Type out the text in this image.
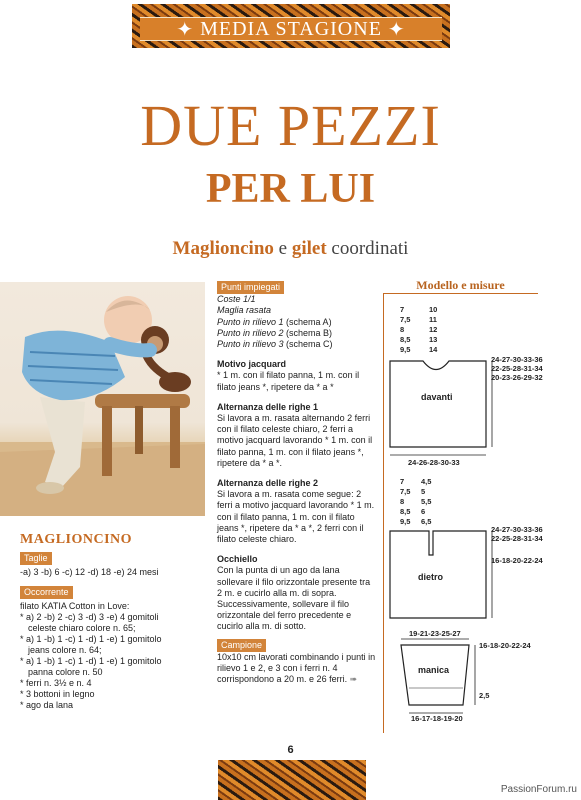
✦ MEDIA STAGIONE ✦
DUE PEZZI
PER LUI
Maglioncino e gilet coordinati
MAGLIONCINO
Taglie

-a) 3 -b) 6 -c) 12 -d) 18 -e) 24 mesi

Occorrente

filato KATIA Cotton in Love:

* a) 2 -b) 2 -c) 3 -d) 3 -e) 4 gomitoli

celeste chiaro colore n. 65;

* a) 1 -b) 1 -c) 1 -d) 1 -e) 1 gomitolo

jeans colore n. 64;

* a) 1 -b) 1 -c) 1 -d) 1 -e) 1 gomitolo

panna colore n. 50

* ferri n. 3½ e n. 4

* 3 bottoni in legno

* ago da lana

Punti impiegati

Coste 1/1

Maglia rasata

Punto in rilievo 1 (schema A)

Punto in rilievo 2 (schema B)

Punto in rilievo 3 (schema C)

Motivo jacquard

* 1 m. con il filato panna, 1 m. con il filato jeans *, ripetere da * a *

Alternanza delle righe 1

Si lavora a m. rasata alternando 2 ferri con il filato celeste chiaro, 2 ferri a motivo jacquard lavorando * 1 m. con il filato panna, 1 m. con il filato jeans *, ripetere da * a *.

Alternanza delle righe 2

Si lavora a m. rasata come segue: 2 ferri a motivo jacquard lavorando * 1 m. con il filato panna, 1 m. con il filato jeans *, ripetere da * a *, 2 ferri con il filato celeste chiaro.

Occhiello

Con la punta di un ago da lana sollevare il filo orizzontale presente tra 2 m. e cucirlo alla m. di sopra. Successivamente, sollevare il filo orizzontale del ferro precedente e cucirlo alla m. di sotto.

Campione

10x10 cm lavorati combinando i punti in rilievo 1 e 2, e 3 con i ferri n. 4 corrispondono a 20 m. e 26 ferri. ➠

Modello e misure
7
7,5
8
8,5
9,5
10
11
12
13
14
davanti
24-26-28-30-33
24-27-30-33-36
22-25-28-31-34
20-23-26-29-32
7
7,5
8
8,5
9,5
4,5
5
5,5
6
6,5
dietro
24-27-30-33-36
22-25-28-31-34
16-18-20-22-24
19-21-23-25-27
manica
16-18-20-22-24
2,5
16-17-18-19-20
6
PassionForum.ru
